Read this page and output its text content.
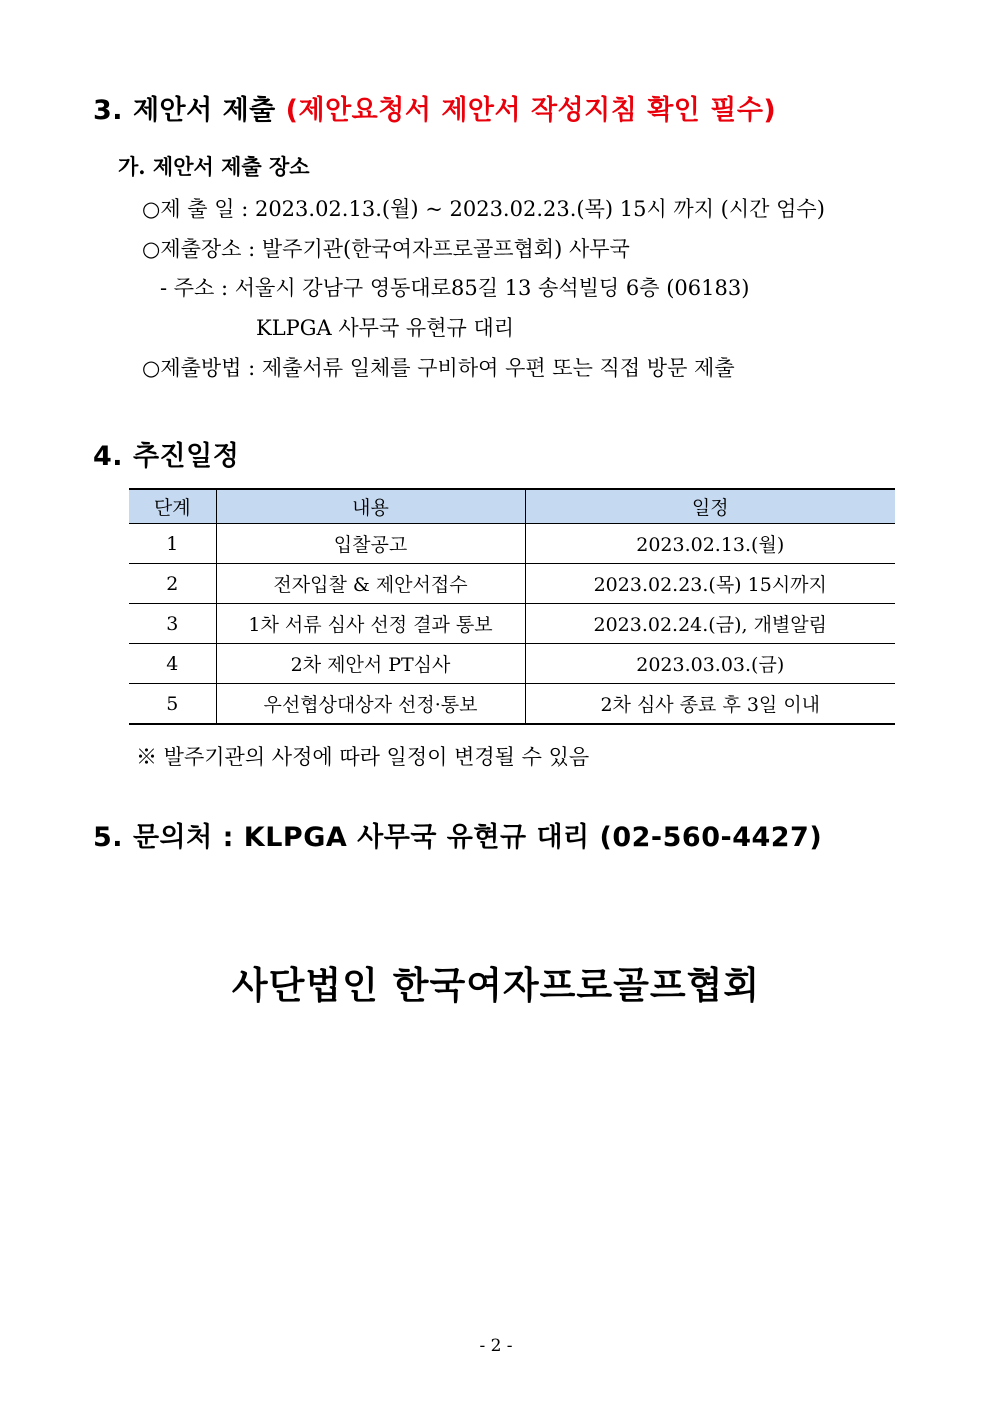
3. 제안서 제출 (제안요청서 제안서 작성지침 확인 필수)
가. 제안서 제출 장소
○제 출 일 : 2023.02.13.(월) ~ 2023.02.23.(목) 15시 까지 (시간 엄수)
○제출장소 : 발주기관(한국여자프로골프협회) 사무국
- 주소 : 서울시 강남구 영동대로85길 13 송석빌딩 6층 (06183)
KLPGA 사무국 유현규 대리
○제출방법 : 제출서류 일체를 구비하여 우편 또는 직접 방문 제출
4. 추진일정
단계	내용	일정
1	입찰공고	2023.02.13.(월)
2	전자입찰 & 제안서접수	2023.02.23.(목) 15시까지
3	1차 서류 심사 선정 결과 통보	2023.02.24.(금), 개별알림
4	2차 제안서 PT심사	2023.03.03.(금)
5	우선협상대상자 선정·통보	2차 심사 종료 후 3일 이내
※ 발주기관의 사정에 따라 일정이 변경될 수 있음
5. 문의처 : KLPGA 사무국 유현규 대리 (02-560-4427)
사단법인 한국여자프로골프협회
- 2 -
